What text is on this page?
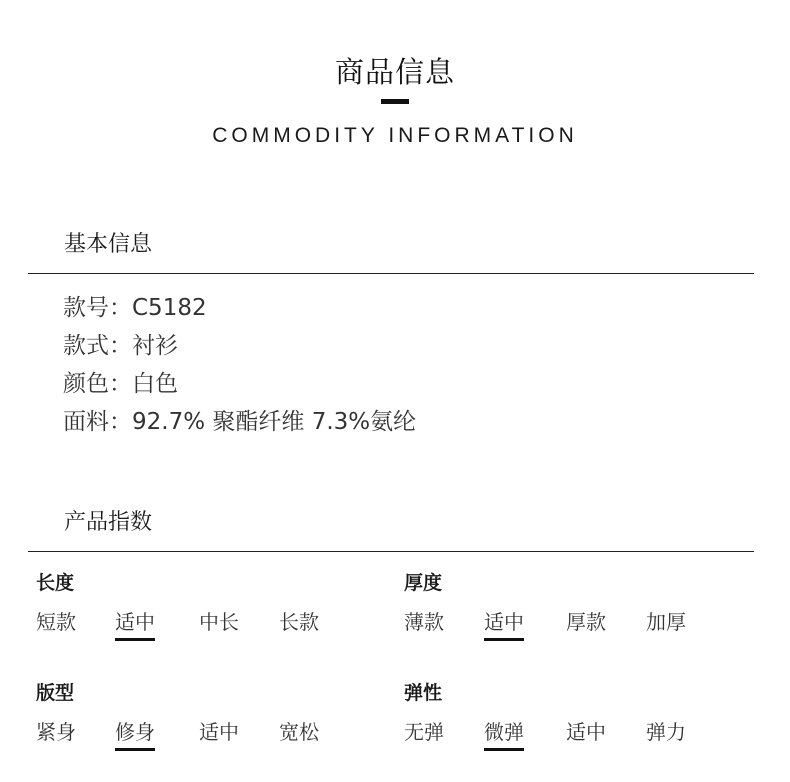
商品信息
COMMODITY INFORMATION
基本信息
款号：C5182
款式：衬衫
颜色：白色
面料：92.7% 聚酯纤维 7.3%氨纶
产品指数
长度
短款 适中 中长 长款
厚度
薄款 适中 厚款 加厚
版型
紧身 修身 适中 宽松
弹性
无弹 微弹 适中 弹力
